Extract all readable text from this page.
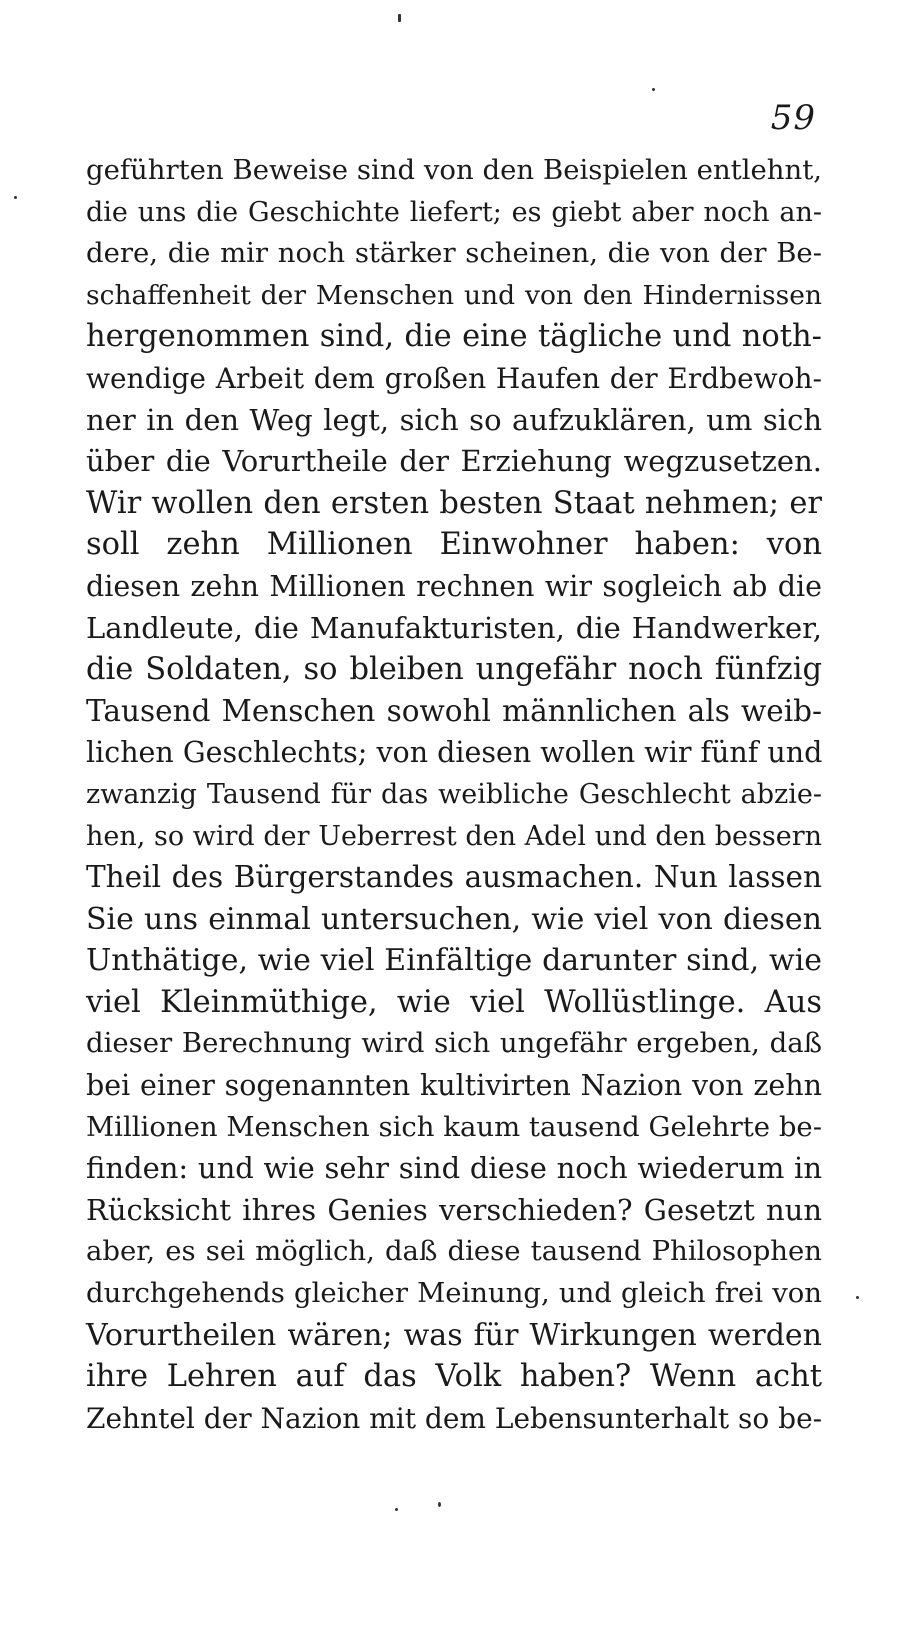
59
geführten Beweise sind von den Beispielen entlehnt,
die uns die Geschichte liefert; es giebt aber noch an-
dere, die mir noch stärker scheinen, die von der Be-
schaffenheit der Menschen und von den Hindernissen
hergenommen sind, die eine tägliche und noth-
wendige Arbeit dem großen Haufen der Erdbewoh-
ner in den Weg legt, sich so aufzuklären, um sich
über die Vorurtheile der Erziehung wegzusetzen.
Wir wollen den ersten besten Staat nehmen; er
soll zehn Millionen Einwohner haben: von
diesen zehn Millionen rechnen wir sogleich ab die
Landleute, die Manufakturisten, die Handwerker,
die Soldaten, so bleiben ungefähr noch fünfzig
Tausend Menschen sowohl männlichen als weib-
lichen Geschlechts; von diesen wollen wir fünf und
zwanzig Tausend für das weibliche Geschlecht abzie-
hen, so wird der Ueberrest den Adel und den bessern
Theil des Bürgerstandes ausmachen. Nun lassen
Sie uns einmal untersuchen, wie viel von diesen
Unthätige, wie viel Einfältige darunter sind, wie
viel Kleinmüthige, wie viel Wollüstlinge. Aus
dieser Berechnung wird sich ungefähr ergeben, daß
bei einer sogenannten kultivirten Nazion von zehn
Millionen Menschen sich kaum tausend Gelehrte be-
finden: und wie sehr sind diese noch wiederum in
Rücksicht ihres Genies verschieden? Gesetzt nun
aber, es sei möglich, daß diese tausend Philosophen
durchgehends gleicher Meinung, und gleich frei von
Vorurtheilen wären; was für Wirkungen werden
ihre Lehren auf das Volk haben? Wenn acht
Zehntel der Nazion mit dem Lebensunterhalt so be-
